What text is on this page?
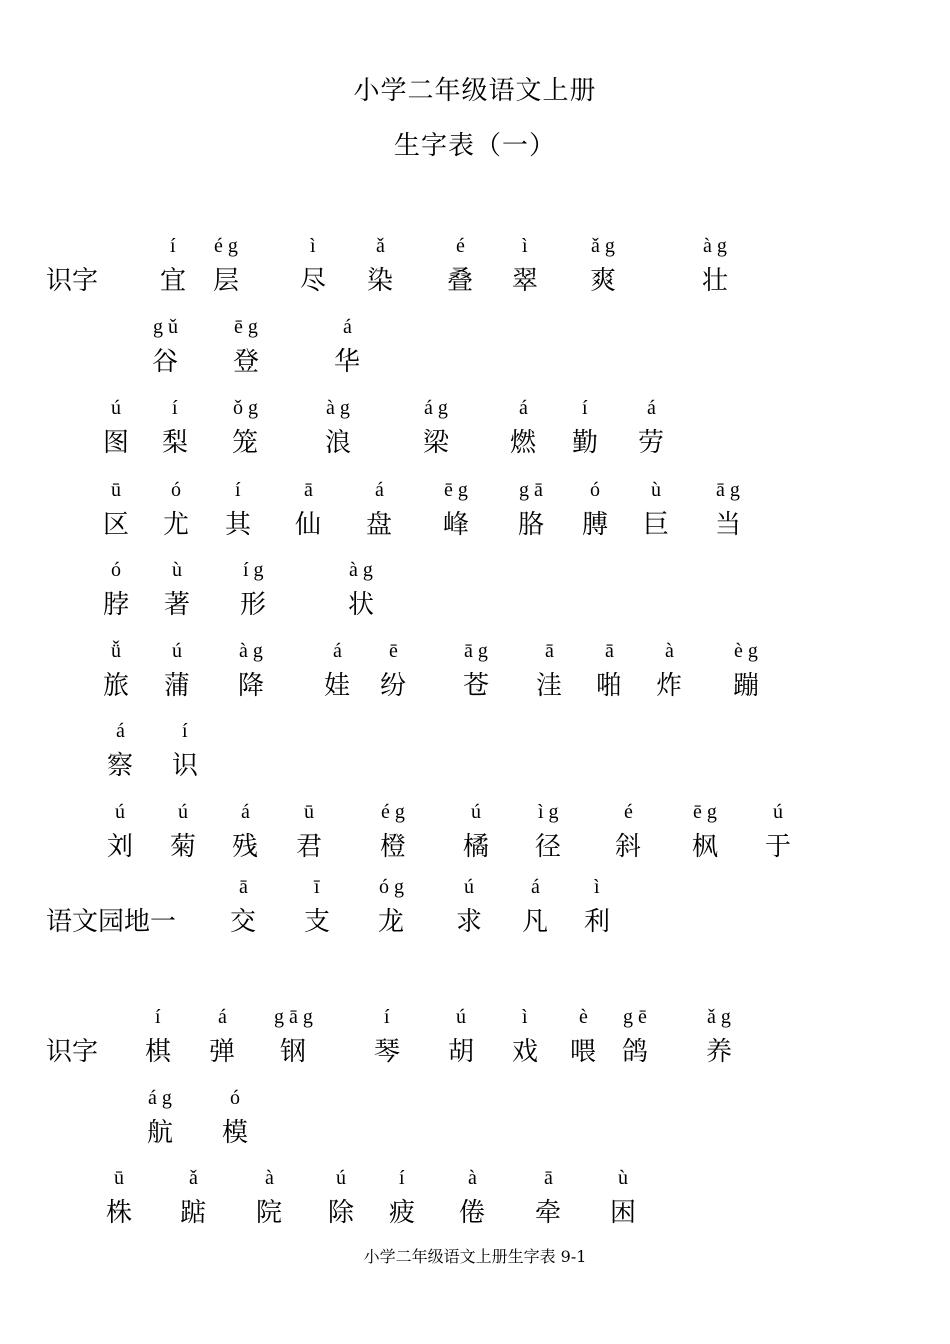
小学二年级语文上册
生字表（一）
识字
í
宜
é g
层
ì
尽
ǎ
染
é
叠
ì
翠
ǎ g
爽
à g
壮
g ǔ
谷
ē g
登
á
华
ú
图
í
梨
ǒ g
笼
à g
浪
á g
梁
á
燃
í
勤
á
劳
ū
区
ó
尤
í
其
ā
仙
á
盘
ē g
峰
g ā
胳
ó
膊
ù
巨
ā g
当
ó
脖
ù
著
í g
形
à g
状
ǚ
旅
ú
蒲
à g
降
á
娃
ē
纷
ā g
苍
ā
洼
ā
啪
à
炸
è g
蹦
á
察
í
识
ú
刘
ú
菊
á
残
ū
君
é g
橙
ú
橘
ì g
径
é
斜
ē g
枫
ú
于
语文园地一
ā
交
ī
支
ó g
龙
ú
求
á
凡
ì
利
识字
í
棋
á
弹
g ā g
钢
í
琴
ú
胡
ì
戏
è
喂
g ē
鸽
ǎ g
养
á g
航
ó
模
ū
株
ǎ
踮
à
院
ú
除
í
疲
à
倦
ā
牵
ù
困
小学二年级语文上册生字表 9-1
